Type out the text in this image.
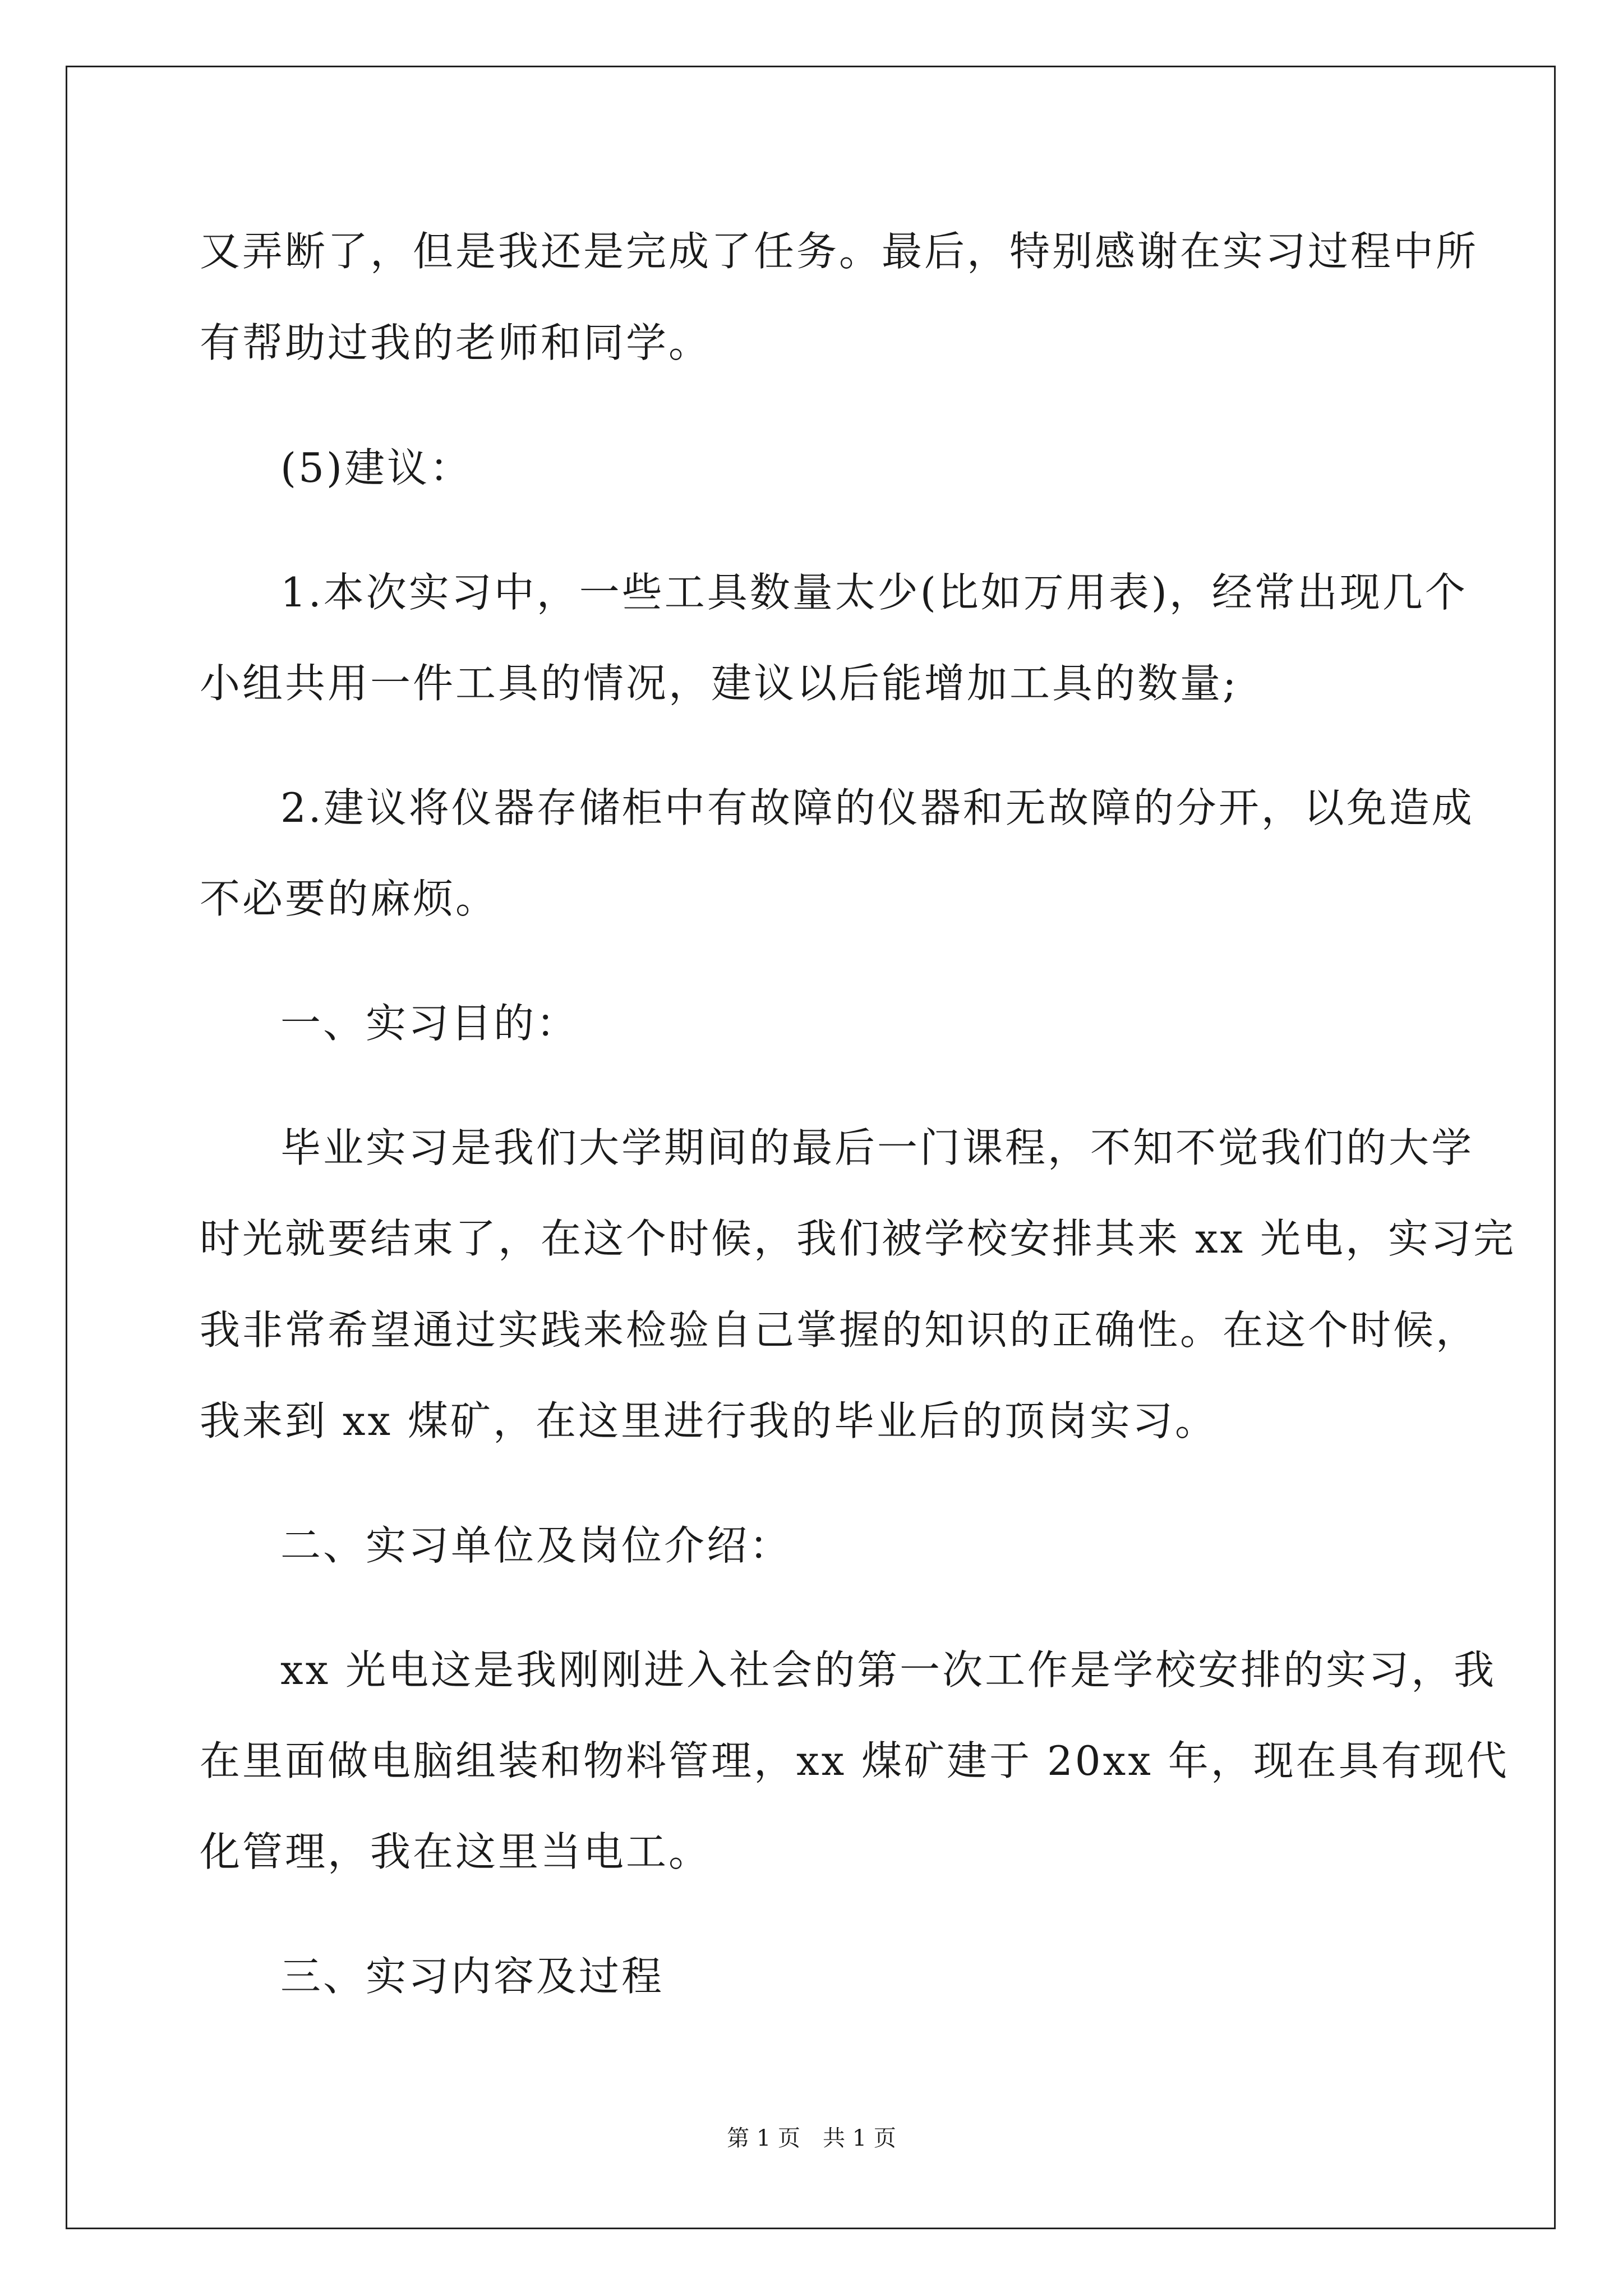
又弄断了，但是我还是完成了任务。最后，特别感谢在实习过程中所
有帮助过我的老师和同学。
(5)建议：
1.本次实习中，一些工具数量太少(比如万用表)，经常出现几个
小组共用一件工具的情况，建议以后能增加工具的数量;
2.建议将仪器存储柜中有故障的仪器和无故障的分开，以免造成
不必要的麻烦。
一、实习目的：
毕业实习是我们大学期间的最后一门课程，不知不觉我们的大学
时光就要结束了，在这个时候，我们被学校安排其来 xx 光电，实习完
我非常希望通过实践来检验自己掌握的知识的正确性。在这个时候，
我来到 xx 煤矿，在这里进行我的毕业后的顶岗实习。
二、实习单位及岗位介绍：
xx 光电这是我刚刚进入社会的第一次工作是学校安排的实习，我
在里面做电脑组装和物料管理，xx 煤矿建于 20xx 年，现在具有现代
化管理，我在这里当电工。
三、实习内容及过程
第 1 页　共 1 页
